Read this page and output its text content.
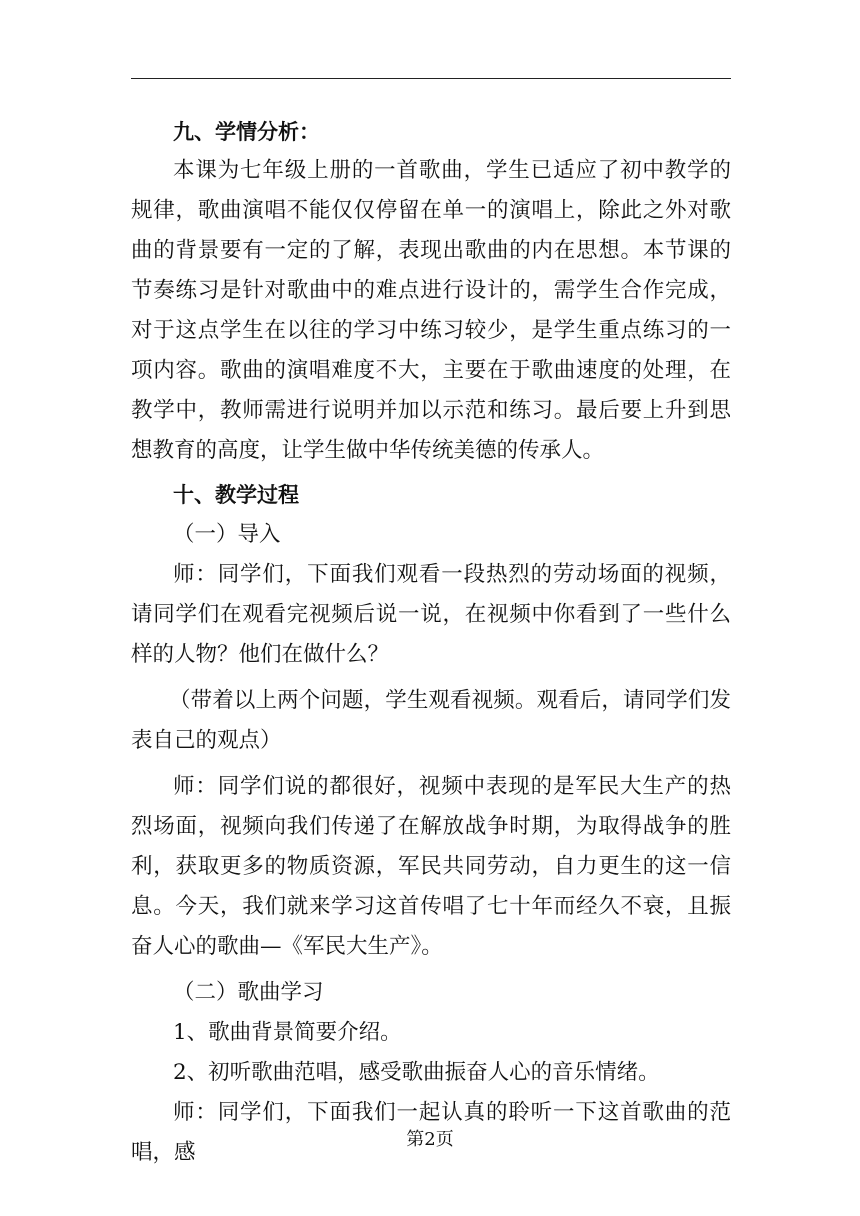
九、学情分析：

本课为七年级上册的一首歌曲，学生已适应了初中教学的规律，歌曲演唱不能仅仅停留在单一的演唱上，除此之外对歌曲的背景要有一定的了解，表现出歌曲的内在思想。本节课的节奏练习是针对歌曲中的难点进行设计的，需学生合作完成，对于这点学生在以往的学习中练习较少，是学生重点练习的一项内容。歌曲的演唱难度不大，主要在于歌曲速度的处理，在教学中，教师需进行说明并加以示范和练习。最后要上升到思想教育的高度，让学生做中华传统美德的传承人。

十、教学过程

（一）导入

师：同学们，下面我们观看一段热烈的劳动场面的视频，请同学们在观看完视频后说一说，在视频中你看到了一些什么样的人物？他们在做什么？

（带着以上两个问题，学生观看视频。观看后，请同学们发表自己的观点）

师：同学们说的都很好，视频中表现的是军民大生产的热烈场面，视频向我们传递了在解放战争时期，为取得战争的胜利，获取更多的物质资源，军民共同劳动，自力更生的这一信息。今天，我们就来学习这首传唱了七十年而经久不衰，且振奋人心的歌曲—《军民大生产》。

（二）歌曲学习

1、歌曲背景简要介绍。

2、初听歌曲范唱，感受歌曲振奋人心的音乐情绪。

师：同学们，下面我们一起认真的聆听一下这首歌曲的范唱，感

第2页
